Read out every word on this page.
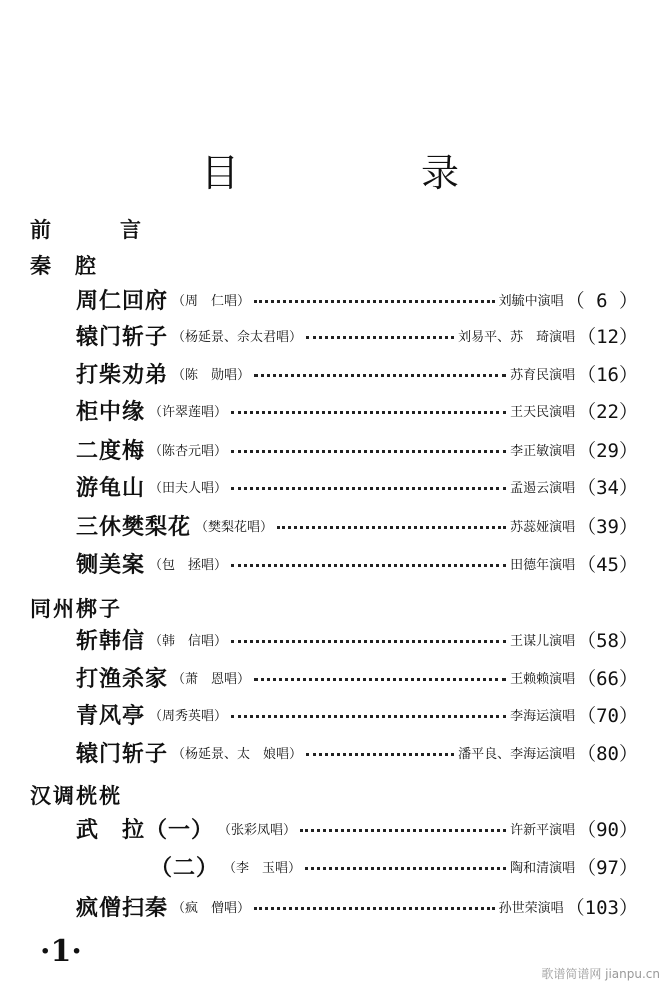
目　录
前　言
秦腔
周仁回府 （周　仁唱）	刘毓中演唱 （ 6 ）
辕门斩子 （杨延景、佘太君唱）	刘易平、苏　琦演唱 （12）
打柴劝弟 （陈　勋唱）	苏育民演唱 （16）
柜中缘 （许翠莲唱）	王天民演唱 （22）
二度梅 （陈杏元唱）	李正敏演唱 （29）
游龟山 （田夫人唱）	孟遏云演唱 （34）
三休樊梨花 （樊梨花唱）	苏蕊娅演唱 （39）
铡美案 （包　拯唱）	田德年演唱 （45）
同州梆子
斩韩信 （韩　信唱）	王谋儿演唱 （58）
打渔杀家 （萧　恩唱）	王赖赖演唱 （66）
青风亭 （周秀英唱）	李海运演唱 （70）
辕门斩子 （杨延景、太　娘唱）	潘平良、李海运演唱 （80）
汉调桄桄
武　拉（一） （张彩凤唱）	许新平演唱 （90）
（二） （李　玉唱）	陶和清演唱 （97）
疯僧扫秦 （疯　僧唱）	孙世荣演唱 （103）
·1·
歌谱简谱网 jianpu.cn
